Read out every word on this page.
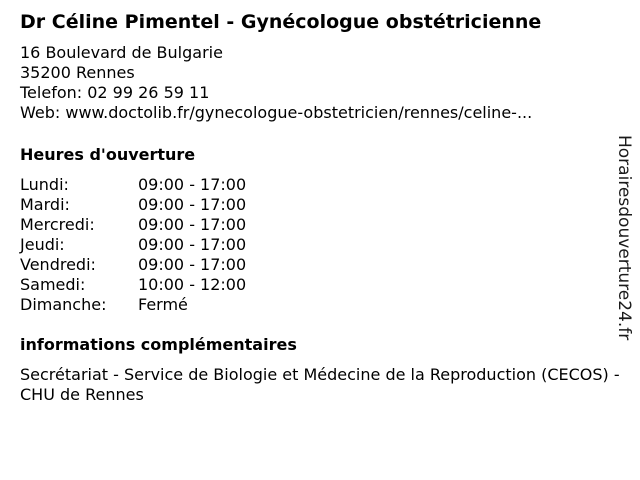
Dr Céline Pimentel - Gynécologue obstétricienne
16 Boulevard de Bulgarie
35200 Rennes
Telefon: 02 99 26 59 11
Web: www.doctolib.fr/gynecologue-obstetricien/rennes/celine-...
Heures d'ouverture
Lundi:	09:00 - 17:00
Mardi:	09:00 - 17:00
Mercredi:	09:00 - 17:00
Jeudi:	09:00 - 17:00
Vendredi:	09:00 - 17:00
Samedi:	10:00 - 12:00
Dimanche:	Fermé
informations complémentaires
Secrétariat - Service de Biologie et Médecine de la Reproduction (CECOS) - CHU de Rennes
Horairesdouverture24.fr
